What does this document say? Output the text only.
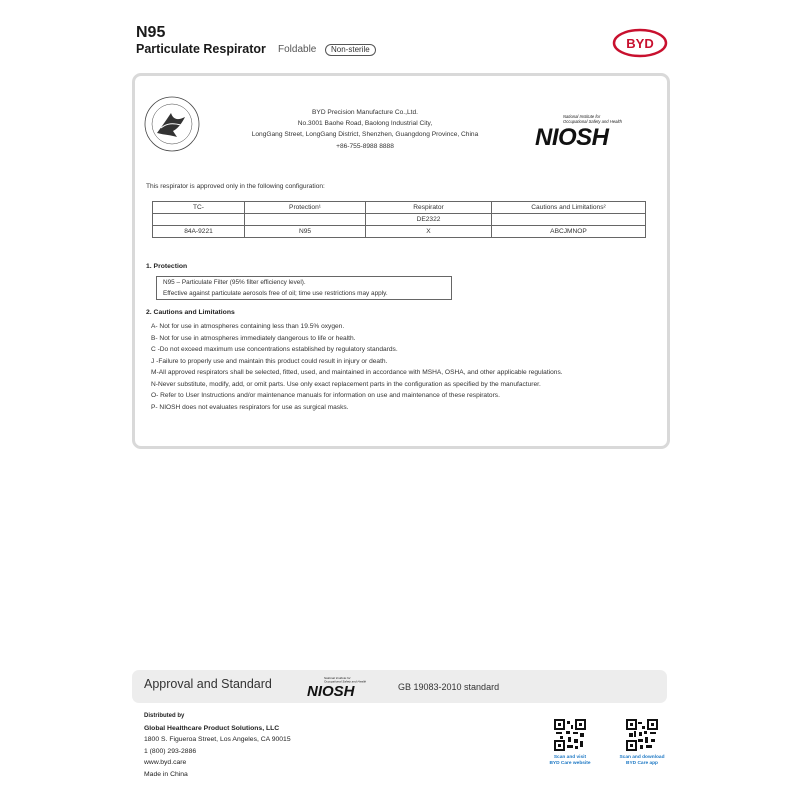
N95
Particulate Respirator Foldable	Non-sterile	BYD
BYD Precision Manufacture Co.,Ltd.
No.3001 Baohe Road, Baolong Industrial City,
LongGang Street, LongGang District, Shenzhen, Guangdong Province, China
+86-755-8988 8888
National Institute for
Occupational Safety and Health
NIOSH
This respirator is approved only in the following configuration:
TC-	Protection¹	Respirator	Cautions and Limitations²
		DE2322	
84A-9221	N95	X	ABCJMNOP
1. Protection
N95 – Particulate Filter (95% filter efficiency level).
Effective against particulate aerosols free of oil; time use restrictions may apply.
2. Cautions and Limitations
A- Not for use in atmospheres containing less than 19.5% oxygen.
B- Not for use in atmospheres immediately dangerous to life or health.
C -Do not exceed maximum use concentrations established by regulatory standards.
J -Failure to properly use and maintain this product could result in injury or death.
M-All approved respirators shall be selected, fitted, used, and maintained in accordance with MSHA, OSHA, and other applicable regulations.
N-Never substitute, modify, add, or omit parts. Use only exact replacement parts in the configuration as specified by the manufacturer.
O- Refer to User Instructions and/or maintenance manuals for information on use and maintenance of these respirators.
P- NIOSH does not evaluates respirators for use as surgical masks.
Approval and Standard	National Institute for
Occupational Safety and Health
NIOSH	GB 19083-2010 standard
Distributed by
Global Healthcare Product Solutions, LLC
1800 S. Figueroa Street, Los Angeles, CA 90015
1 (800) 293-2886
www.byd.care
Made in China
Scan and visit
BYD Care website
Scan and download
BYD Care app
